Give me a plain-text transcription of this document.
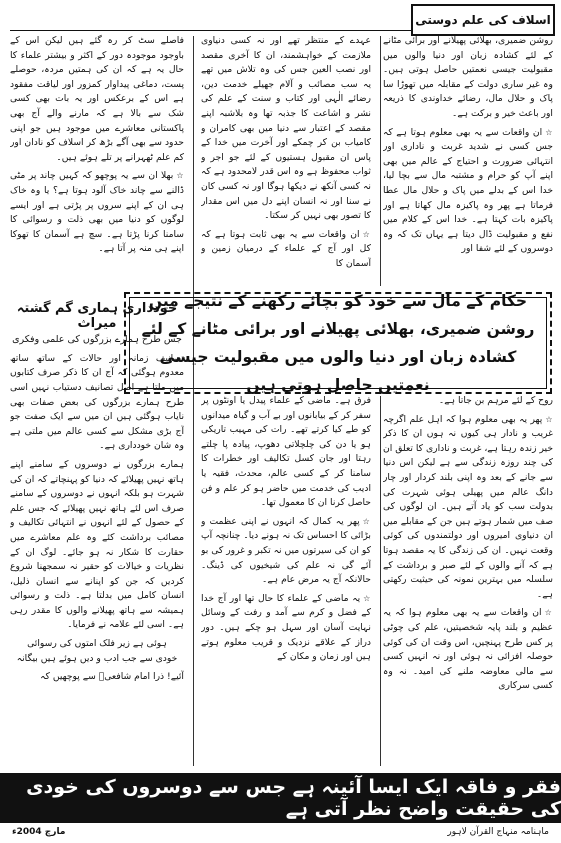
اسلاف کی علم دوستی

روشن ضمیری، بھلائی پھیلانے اور برائی مٹانے کے لئے کشادہ زبان اور دنیا والوں میں مقبولیت جیسی نعمتیں حاصل ہوتی ہیں۔ وہ غیر ساری دولت کے مقابلہ میں تھوڑا سا پاک و حلال مال، رضائے خداوندی کا ذریعہ اور باعث خیر و برکت ہے۔

☆ان واقعات سے یہ بھی معلوم ہوتا ہے کہ جس کسی نے شدید غربت و ناداری اور انتہائی ضرورت و احتیاج کے عالم میں بھی اپنے آپ کو حرام و مشتبہ مال سے بچا لیا، خدا اس کے بدلے میں پاک و حلال مال عطا فرماتا ہے پھر وہ پاکیزہ مال کھاتا ہے اور پاکیزہ بات کہتا ہے۔ خدا اس کے کلام میں نفع و مقبولیت ڈال دیتا ہے یہاں تک کہ وہ دوسروں کے لئے شفا اور

عہدے کے منتظر تھے اور نہ کسی دنیاوی ملازمت کے خواہشمند، ان کا آخری مقصد اور نصب العین جس کی وہ تلاش میں تھے یہ سب مصائب و آلام جھیلے خدمت دین، رضائے الٰہی اور کتاب و سنت کے علم کی نشر و اشاعت کا جذبہ تھا وہ بلاشبہ اپنے مقصد کے اعتبار سے دنیا میں بھی کامران و کامیاب بن کر چمکے اور آخرت میں خدا کے پاس ان مقبول ہستیوں کے لئے جو اجر و ثواب محفوظ ہے وہ اس قدر لامحدود ہے کہ نہ کسی آنکھ نے دیکھا ہوگا اور نہ کسی کان نے سنا اور نہ انسان اپنے دل میں اس مقدار کا تصور بھی نہیں کر سکتا۔

☆ان واقعات سے یہ بھی ثابت ہوتا ہے کہ کل اور آج کے علماء کے درمیان زمین و آسمان کا

فاصلے سٹ کر رہ گئے ہیں لیکن اس کے باوجود موجودہ دور کے اکثر و بیشتر علماء کا حال یہ ہے کہ ان کی ہمتیں مردہ، حوصلے پست، دماغی پیداوار کمزور اور لیاقت مفقود ہے اس کے برعکس اور یہ بات بھی کسی شک سے بالا ہے کہ مارنے والے آج بھی پاکستانی معاشرے میں موجود ہیں جو اپنی حدود سے بھی آگے بڑھ کر اسلاف کو نادان اور کم علم ٹھہرانے پر تلے ہوئے ہیں۔

☆بھلا ان سے یہ پوچھو کہ کہیں چاند پر مٹی ڈالنے سے چاند خاک آلود ہوتا ہے؟ یا وہ خاک ہی ان کے اپنے سروں پر پڑتی ہے اور ایسے لوگوں کو دنیا میں بھی ذلت و رسوائی کا سامنا کرنا پڑتا ہے۔ سچ ہے آسمان کا تھوکا اپنے ہی منہ پر آتا ہے۔

خودداری ہماری گم گشتہ میراث
جس طرح ہمارے بزرگوں کی علمی وفکری

تصانیف زمانہ اور حالات کے ساتھ ساتھ معدوم ہوگئی کہ آج ان کا ذکر صرف کتابوں میں ملتا ہے اصل تصانیف دستیاب نہیں اسی طرح ہمارے بزرگوں کی بعض صفات بھی نایاب ہوگئی ہیں ان میں سے ایک صفت جو آج بڑی مشکل سے کسی عالم میں ملتی ہے وہ شان خودداری ہے۔

ہمارے بزرگوں نے دوسروں کے سامنے اپنے ہاتھ نہیں پھیلائے کہ دنیا کو پہنچاتے کہ ان کی شہرت ہو بلکہ انہوں نے دوسروں کے سامنے صرف اس لئے ہاتھ نہیں پھیلائے کہ جس علم کے حصول کے لئے انہوں نے انتہائی تکالیف و مصائب برداشت کئے وہ علم معاشرے میں حقارت کا شکار نہ ہو جائے۔ لوگ ان کے نظریات و خیالات کو حقیر نہ سمجھنا شروع کردیں کہ جن کو اپنانے سے انسان ذلیل، انسان کامل میں بدلتا ہے۔ ذلت و رسوائی ہمیشہ سے ہاتھ پھیلانے والوں کا مقدر رہی ہے۔ اسی لئے علامہ نے فرمایا۔

ہوئی ہے زیر فلک امتوں کی رسوائی

خودی سے جب ادب و دیں ہوئے ہیں بیگانہ

آئیے! ذرا امام شافعیؒ سے پوچھیں کہ

حکام کے مال سے خود کو بچائے رکھنے کے نتیجے میں روشن ضمیری، بھلائی پھیلانے اور برائی مٹانے کے لئے کشادہ زبان اور دنیا والوں میں مقبولیت جیسی نعمتیں حاصل ہوتی ہیں

روح کے لئے مرہم بن جاتا ہے۔

☆پھر یہ بھی معلوم ہوا کہ اہل علم اگرچہ غریب و نادار ہی کیوں نہ ہوں ان کا ذکر خیر زندہ رہتا ہے، غربت و ناداری کا تعلق ان کی چند روزہ زندگی سے ہے لیکن اس دنیا سے جانے کے بعد وہ اپنی بلند کردار اور چار دانگ عالم میں پھیلی ہوئی شہرت کی بدولت سب کو یاد آتے ہیں۔ ان لوگوں کی صف میں شمار ہوتے ہیں جن کے مقابلے میں ان دنیاوی امیروں اور دولتمندوں کی کوئی وقعت نہیں۔ ان کی زندگی کا یہ مقصد ہوتا ہے کہ آنے والوں کے لئے صبر و برداشت کے سلسلہ میں بہترین نمونہ کی حیثیت رکھتی ہے۔

☆ان واقعات سے یہ بھی معلوم ہوا کہ یہ عظیم و بلند پایہ شخصیتیں، علم کی چوٹی پر کس طرح پہنچیں، اس وقت ان کی کوئی حوصلہ افزائی نہ ہوئی اور نہ انہیں کسی سے مالی معاوضہ ملنے کی امید۔ نہ وہ کسی سرکاری

فرق ہے۔ ماضی کے علماء پیدل یا اونٹوں پر سفر کر کے بیابانوں اور بے آب و گیاہ میدانوں کو طے کیا کرتے تھے۔ رات کی مہیب تاریکی ہو یا دن کی چلچلاتی دھوپ، پیادہ پا چلتے رہتا اور جان کسل تکالیف اور خطرات کا سامنا کر کے کسی عالم، محدث، فقیہ یا ادیب کی خدمت میں حاضر ہو کر علم و فن حاصل کرنا ان کا معمول تھا۔

☆پھر یہ کمال کہ انہوں نے اپنی عظمت و بڑائی کا احساس تک نہ ہونے دیا۔ چنانچہ آپ کو ان کی سیرتوں میں نہ تکبر و غرور کی بو آئے گی نہ علم کی شیخیوں کی ڈینگ۔ حالانکہ آج یہ مرض عام ہے۔

☆یہ ماضی کے علماء کا حال تھا اور آج خدا کے فضل و کرم سے آمد و رفت کے وسائل نہایت آسان اور سہل ہو چکے ہیں۔ دور دراز کے علاقے نزدیک و قریب معلوم ہوتے ہیں اور زمان و مکان کے

فقر و فاقہ ایک ایسا آئینہ ہے جس سے دوسروں کی خودی کی حقیقت واضح نظر آتی ہے
ماہنامہ منہاج القرآن لاہور
مارچ 2004ء
